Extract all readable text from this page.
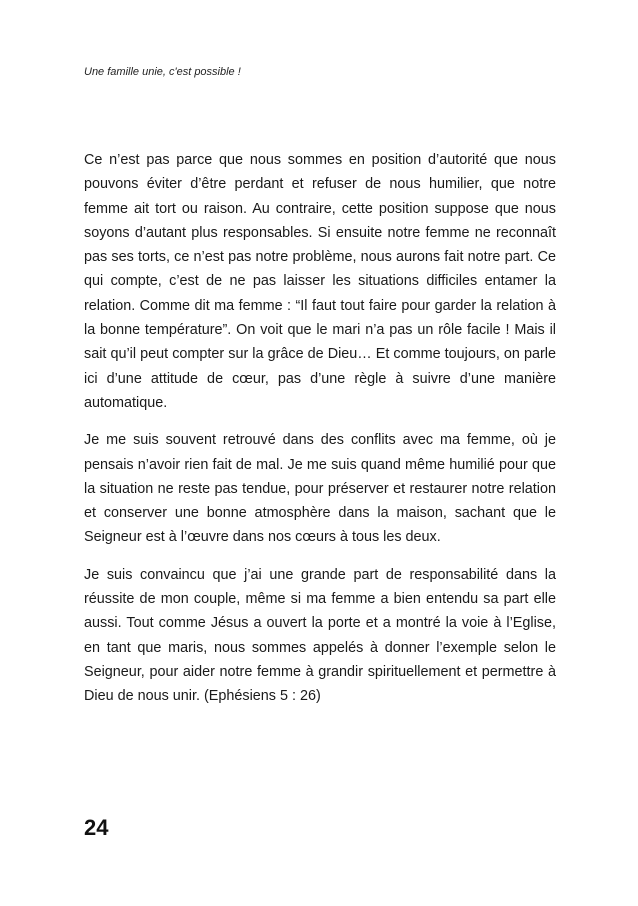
Une famille unie, c'est possible !

Ce n’est pas parce que nous sommes en position d’autorité que nous pouvons éviter d’être perdant et refuser de nous humilier, que notre femme ait tort ou raison. Au contraire, cette position suppose que nous soyons d’autant plus responsables. Si ensuite notre femme ne reconnaît pas ses torts, ce n’est pas notre problème, nous aurons fait notre part. Ce qui compte, c’est de ne pas laisser les situations difficiles entamer la relation. Comme dit ma femme : “Il faut tout faire pour garder la relation à la bonne température”. On voit que le mari n’a pas un rôle facile ! Mais il sait qu’il peut compter sur la grâce de Dieu… Et comme toujours, on parle ici d’une attitude de cœur, pas d’une règle à suivre d’une manière automatique.

Je me suis souvent retrouvé dans des conflits avec ma femme, où je pensais n’avoir rien fait de mal. Je me suis quand même humilié pour que la situation ne reste pas tendue, pour préserver et restaurer notre relation et conserver une bonne atmosphère dans la maison, sachant que le Seigneur est à l’œuvre dans nos cœurs à tous les deux.

Je suis convaincu que j’ai une grande part de responsabilité dans la réussite de mon couple, même si ma femme a bien entendu sa part elle aussi. Tout comme Jésus a ouvert la porte et a montré la voie à l’Eglise, en tant que maris, nous sommes appelés à donner l’exemple selon le Seigneur, pour aider notre femme à grandir spirituellement et permettre à Dieu de nous unir. (Ephésiens 5 : 26)

24
